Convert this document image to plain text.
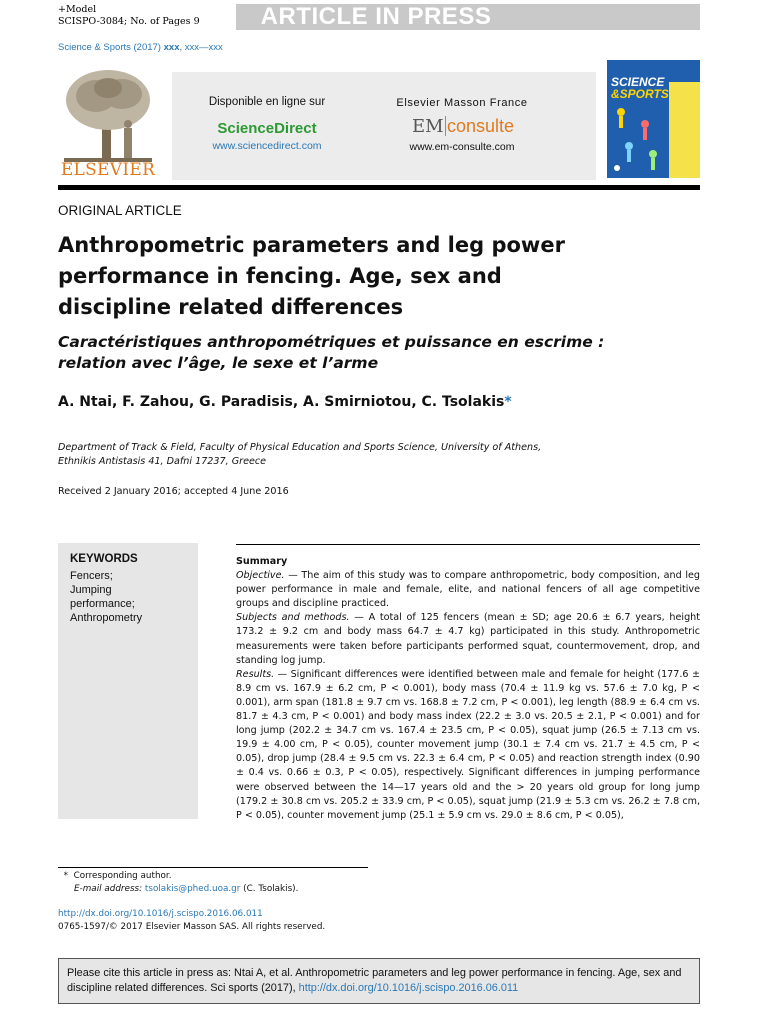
+Model
SCISPO-3084; No. of Pages 9	ARTICLE IN PRESS
Science & Sports (2017) xxx, xxx—xxx
ELSEVIER
Disponible en ligne sur
ScienceDirect
www.sciencedirect.com
Elsevier Masson France
EM consulte
www.em-consulte.com
SCIENCE
&SPORTS
ORIGINAL ARTICLE
Anthropometric parameters and leg power performance in fencing. Age, sex and discipline related differences
Caractéristiques anthropométriques et puissance en escrime : relation avec l’âge, le sexe et l’arme
A. Ntai, F. Zahou, G. Paradisis, A. Smirniotou, C. Tsolakis*
Department of Track & Field, Faculty of Physical Education and Sports Science, University of Athens,
Ethnikis Antistasis 41, Dafni 17237, Greece
Received 2 January 2016; accepted 4 June 2016
KEYWORDS
Fencers;
Jumping
performance;
Anthropometry

Summary

Objective. — The aim of this study was to compare anthropometric, body composition, and leg power performance in male and female, elite, and national fencers of all age competitive groups and discipline practiced.

Subjects and methods. — A total of 125 fencers (mean ± SD; age 20.6 ± 6.7 years, height 173.2 ± 9.2 cm and body mass 64.7 ± 4.7 kg) participated in this study. Anthropometric measurements were taken before participants performed squat, countermovement, drop, and standing log jump.

Results. — Significant differences were identified between male and female for height (177.6 ± 8.9 cm vs. 167.9 ± 6.2 cm, P < 0.001), body mass (70.4 ± 11.9 kg vs. 57.6 ± 7.0 kg, P < 0.001), arm span (181.8 ± 9.7 cm vs. 168.8 ± 7.2 cm, P < 0.001), leg length (88.9 ± 6.4 cm vs. 81.7 ± 4.3 cm, P < 0.001) and body mass index (22.2 ± 3.0 vs. 20.5 ± 2.1, P < 0.001) and for long jump (202.2 ± 34.7 cm vs. 167.4 ± 23.5 cm, P < 0.05), squat jump (26.5 ± 7.13 cm vs. 19.9 ± 4.00 cm, P < 0.05), counter movement jump (30.1 ± 7.4 cm vs. 21.7 ± 4.5 cm, P < 0.05), drop jump (28.4 ± 9.5 cm vs. 22.3 ± 6.4 cm, P < 0.05) and reaction strength index (0.90 ± 0.4 vs. 0.66 ± 0.3, P < 0.05), respectively. Significant differences in jumping performance were observed between the 14—17 years old and the > 20 years old group for long jump (179.2 ± 30.8 cm vs. 205.2 ± 33.9 cm, P < 0.05), squat jump (21.9 ± 5.3 cm vs. 26.2 ± 7.8 cm, P < 0.05), counter movement jump (25.1 ± 5.9 cm vs. 29.0 ± 8.6 cm, P < 0.05),

*  Corresponding author.
E-mail address: tsolakis@phed.uoa.gr (C. Tsolakis).
http://dx.doi.org/10.1016/j.scispo.2016.06.011
0765-1597/© 2017 Elsevier Masson SAS. All rights reserved.
Please cite this article in press as: Ntai A, et al. Anthropometric parameters and leg power performance in fencing. Age, sex and discipline related differences. Sci sports (2017), http://dx.doi.org/10.1016/j.scispo.2016.06.011
